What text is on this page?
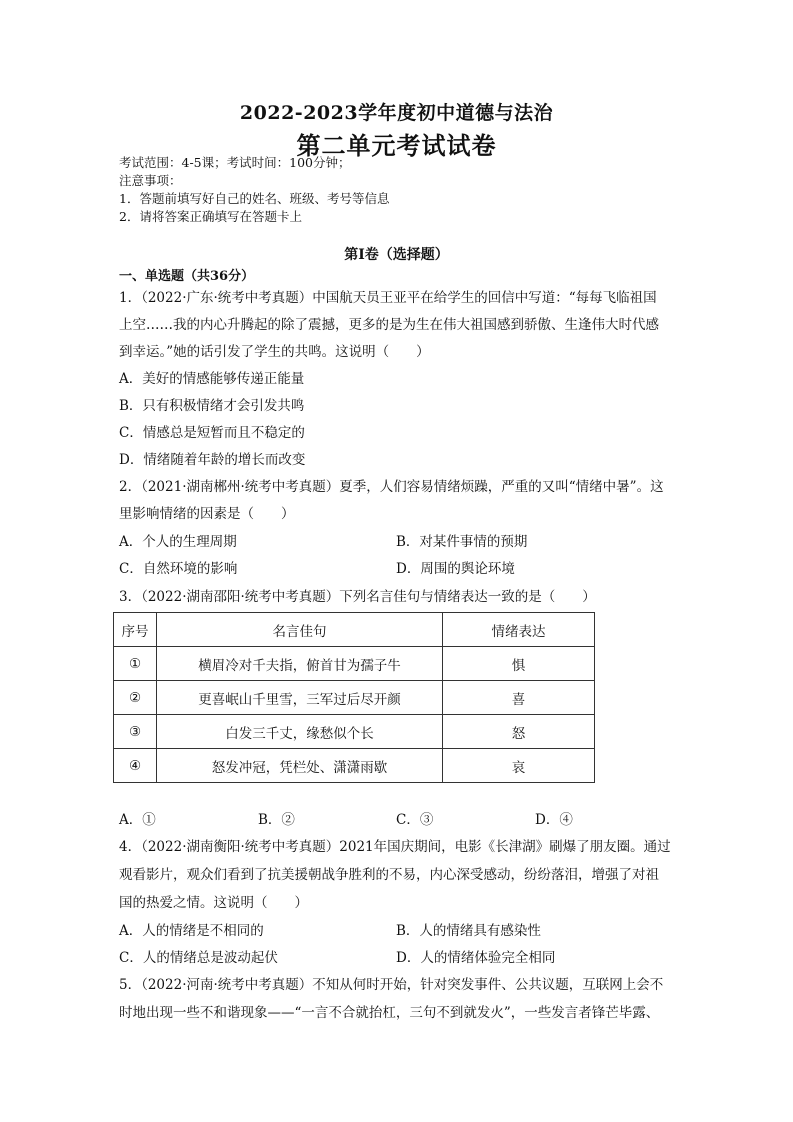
2022-2023学年度初中道德与法治
第二单元考试试卷
考试范围：4-5课；考试时间：100分钟；
注意事项：
1．答题前填写好自己的姓名、班级、考号等信息
2．请将答案正确填写在答题卡上
第I卷（选择题）
一、单选题（共36分）
1．（2022·广东·统考中考真题）中国航天员王亚平在给学生的回信中写道：“每每飞临祖国
上空……我的内心升腾起的除了震撼，更多的是为生在伟大祖国感到骄傲、生逢伟大时代感
到幸运。”她的话引发了学生的共鸣。这说明（　　）
A．美好的情感能够传递正能量
B．只有积极情绪才会引发共鸣
C．情感总是短暂而且不稳定的
D．情绪随着年龄的增长而改变
2．（2021·湖南郴州·统考中考真题）夏季，人们容易情绪烦躁，严重的又叫“情绪中暑”。这
里影响情绪的因素是（　　）
A．个人的生理周期	B．对某件事情的预期
C．自然环境的影响	D．周围的舆论环境
3．（2022·湖南邵阳·统考中考真题）下列名言佳句与情绪表达一致的是（　　）
序号	名言佳句	情绪表达
①	横眉冷对千夫指，俯首甘为孺子牛	惧
②	更喜岷山千里雪，三军过后尽开颜	喜
③	白发三千丈，缘愁似个长	怒
④	怒发冲冠，凭栏处、潇潇雨歇	哀
A．①	B．②	C．③	D．④
4．（2022·湖南衡阳·统考中考真题）2021年国庆期间，电影《长津湖》刷爆了朋友圈。通过
观看影片，观众们看到了抗美援朝战争胜利的不易，内心深受感动，纷纷落泪，增强了对祖
国的热爱之情。这说明（　　）
A．人的情绪是不相同的	B．人的情绪具有感染性
C．人的情绪总是波动起伏	D．人的情绪体验完全相同
5．（2022·河南·统考中考真题）不知从何时开始，针对突发事件、公共议题，互联网上会不
时地出现一些不和谐现象——“一言不合就抬杠，三句不到就发火”，一些发言者锋芒毕露、
